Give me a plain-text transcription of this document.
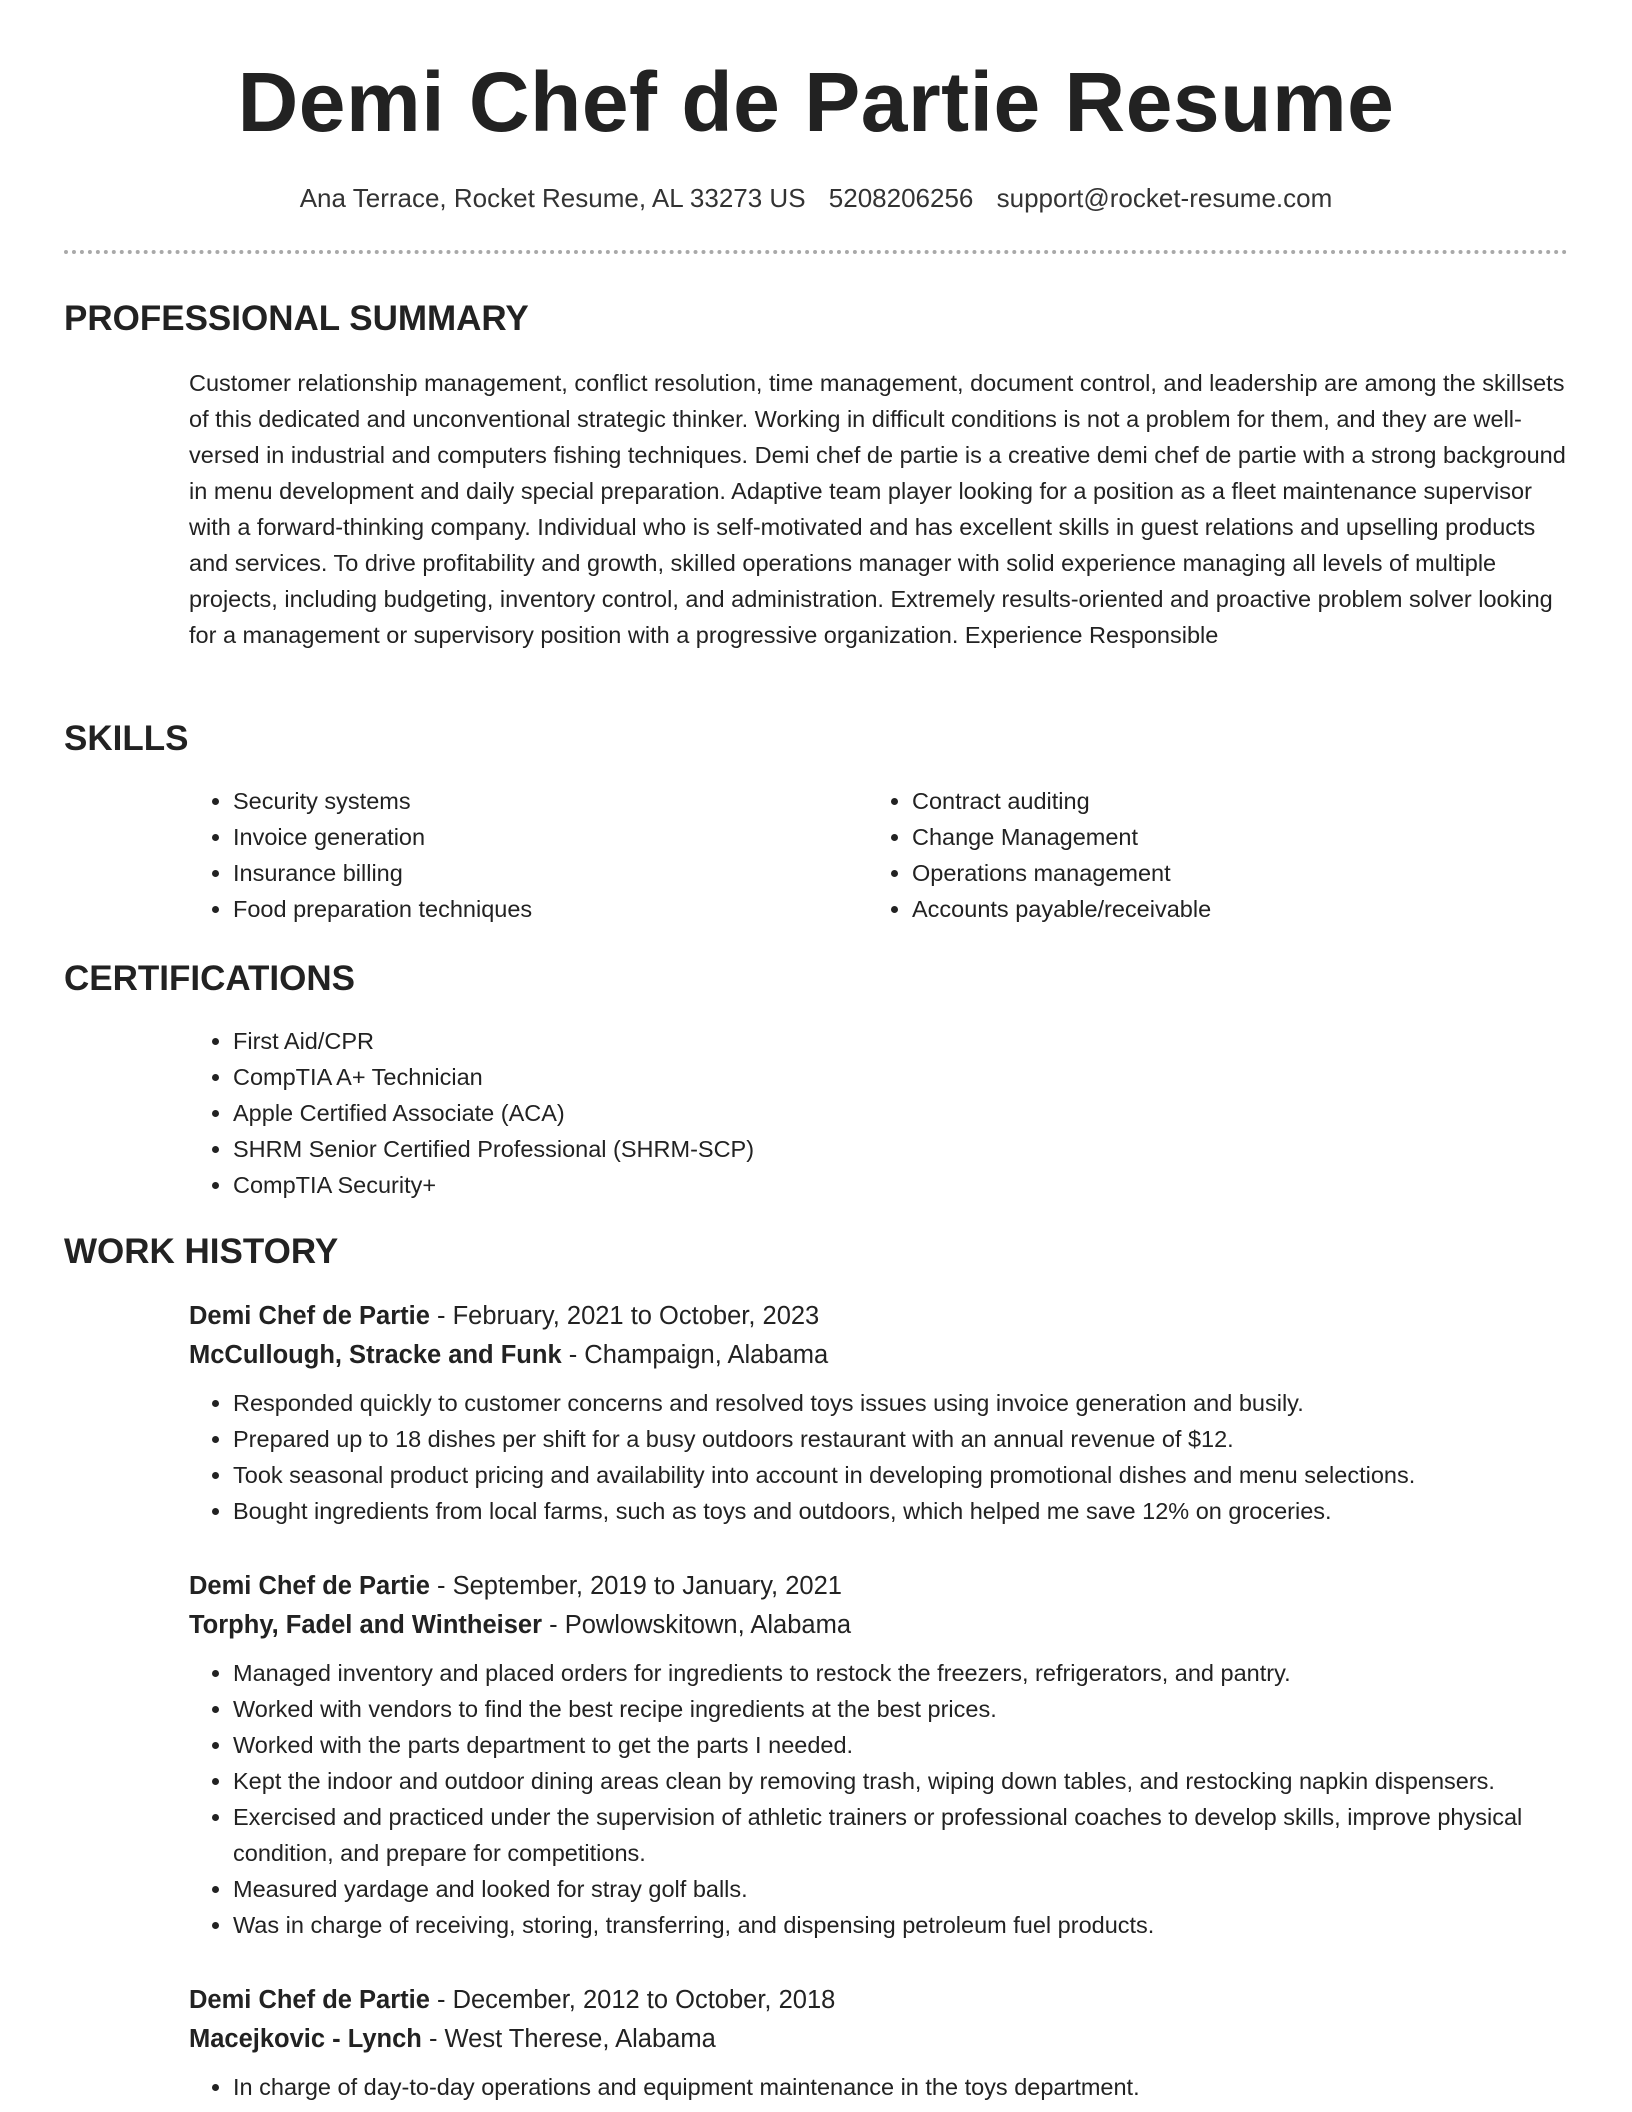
Demi Chef de Partie Resume
Ana Terrace, Rocket Resume, AL 33273 US 5208206256 support@rocket-resume.com
PROFESSIONAL SUMMARY

Customer relationship management, conflict resolution, time management, document control, and leadership are among the skillsets of this dedicated and unconventional strategic thinker. Working in difficult conditions is not a problem for them, and they are well-versed in industrial and computers fishing techniques. Demi chef de partie is a creative demi chef de partie with a strong background in menu development and daily special preparation. Adaptive team player looking for a position as a fleet maintenance supervisor with a forward-thinking company. Individual who is self-motivated and has excellent skills in guest relations and upselling products and services. To drive profitability and growth, skilled operations manager with solid experience managing all levels of multiple projects, including budgeting, inventory control, and administration. Extremely results-oriented and proactive problem solver looking for a management or supervisory position with a progressive organization. Experience Responsible

SKILLS
• Security systems
• Invoice generation
• Insurance billing
• Food preparation techniques
• Contract auditing
• Change Management
• Operations management
• Accounts payable/receivable
CERTIFICATIONS
• First Aid/CPR
• CompTIA A+ Technician
• Apple Certified Associate (ACA)
• SHRM Senior Certified Professional (SHRM-SCP)
• CompTIA Security+
WORK HISTORY
Demi Chef de Partie - February, 2021 to October, 2023
McCullough, Stracke and Funk - Champaign, Alabama
• Responded quickly to customer concerns and resolved toys issues using invoice generation and busily.
• Prepared up to 18 dishes per shift for a busy outdoors restaurant with an annual revenue of $12.
• Took seasonal product pricing and availability into account in developing promotional dishes and menu selections.
• Bought ingredients from local farms, such as toys and outdoors, which helped me save 12% on groceries.
Demi Chef de Partie - September, 2019 to January, 2021
Torphy, Fadel and Wintheiser - Powlowskitown, Alabama
• Managed inventory and placed orders for ingredients to restock the freezers, refrigerators, and pantry.
• Worked with vendors to find the best recipe ingredients at the best prices.
• Worked with the parts department to get the parts I needed.
• Kept the indoor and outdoor dining areas clean by removing trash, wiping down tables, and restocking napkin dispensers.
• Exercised and practiced under the supervision of athletic trainers or professional coaches to develop skills, improve physical condition, and prepare for competitions.
• Measured yardage and looked for stray golf balls.
• Was in charge of receiving, storing, transferring, and dispensing petroleum fuel products.
Demi Chef de Partie - December, 2012 to October, 2018
Macejkovic - Lynch - West Therese, Alabama
• In charge of day-to-day operations and equipment maintenance in the toys department.
